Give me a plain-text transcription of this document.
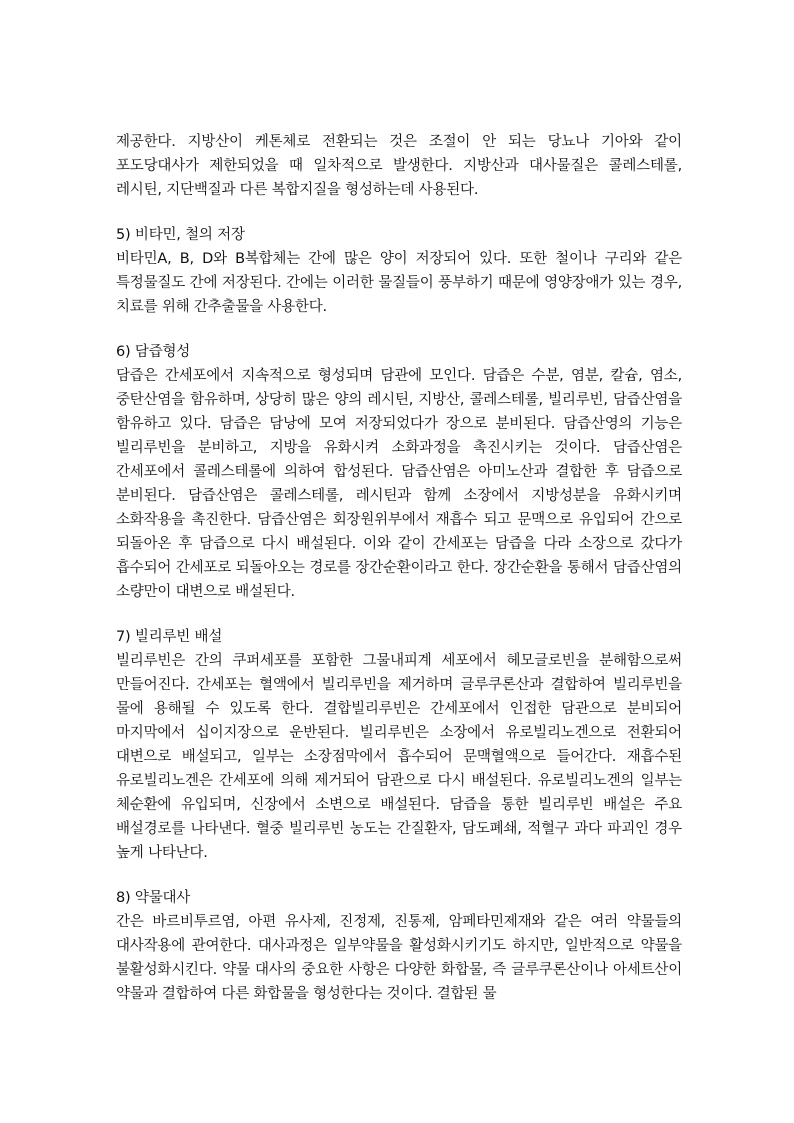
제공한다. 지방산이 케톤체로 전환되는 것은 조절이 안 되는 당뇨나 기아와 같이 포도당대사가 제한되었을 때 일차적으로 발생한다. 지방산과 대사물질은 콜레스테롤, 레시틴, 지단백질과 다른 복합지질을 형성하는데 사용된다.

5) 비타민, 철의 저장

비타민A, B, D와 B복합체는 간에 많은 양이 저장되어 있다. 또한 철이나 구리와 같은 특정물질도 간에 저장된다. 간에는 이러한 물질들이 풍부하기 때문에 영양장애가 있는 경우, 치료를 위해 간추출물을 사용한다.

6) 담즙형성

담즙은 간세포에서 지속적으로 형성되며 담관에 모인다. 담즙은 수분, 염분, 칼슘, 염소, 중탄산염을 함유하며, 상당히 많은 양의 레시틴, 지방산, 콜레스테롤, 빌리루빈, 담즙산염을 함유하고 있다. 담즙은 담낭에 모여 저장되었다가 장으로 분비된다. 담즙산영의 기능은 빌리루빈을 분비하고, 지방을 유화시켜 소화과정을 촉진시키는 것이다. 담즙산염은 간세포에서 콜레스테롤에 의하여 합성된다. 담즙산염은 아미노산과 결합한 후 담즙으로 분비된다. 담즙산염은 콜레스테롤, 레시틴과 함께 소장에서 지방성분을 유화시키며 소화작용을 촉진한다. 담즙산염은 회장원위부에서 재흡수 되고 문맥으로 유입되어 간으로 되돌아온 후 담즙으로 다시 배설된다. 이와 같이 간세포는 담즙을 다라 소장으로 갔다가 흡수되어 간세포로 되돌아오는 경로를 장간순환이라고 한다. 장간순환을 통해서 담즙산염의 소량만이 대변으로 배설된다.

7) 빌리루빈 배설

빌리루빈은 간의 쿠퍼세포를 포함한 그물내피계 세포에서 헤모글로빈을 분해함으로써 만들어진다. 간세포는 혈액에서 빌리루빈을 제거하며 글루쿠론산과 결합하여 빌리루빈을 물에 용해될 수 있도록 한다. 결합빌리루빈은 간세포에서 인접한 담관으로 분비되어 마지막에서 십이지장으로 운반된다. 빌리루빈은 소장에서 유로빌리노겐으로 전환되어 대변으로 배설되고, 일부는 소장점막에서 흡수되어 문맥혈액으로 들어간다. 재흡수된 유로빌리노겐은 간세포에 의해 제거되어 담관으로 다시 배설된다. 유로빌리노겐의 일부는 체순환에 유입되며, 신장에서 소변으로 배설된다. 담즙을 통한 빌리루빈 배설은 주요 배설경로를 나타낸다. 혈중 빌리루빈 농도는 간질환자, 담도폐쇄, 적혈구 과다 파괴인 경우 높게 나타난다.

8) 약물대사

간은 바르비투르염, 아편 유사제, 진정제, 진통제, 암페타민제재와 같은 여러 약물들의 대사작용에 관여한다. 대사과정은 일부약물을 활성화시키기도 하지만, 일반적으로 약물을 불활성화시킨다. 약물 대사의 중요한 사항은 다양한 화합물, 즉 글루쿠론산이나 아세트산이 약물과 결합하여 다른 화합물을 형성한다는 것이다. 결합된 물
